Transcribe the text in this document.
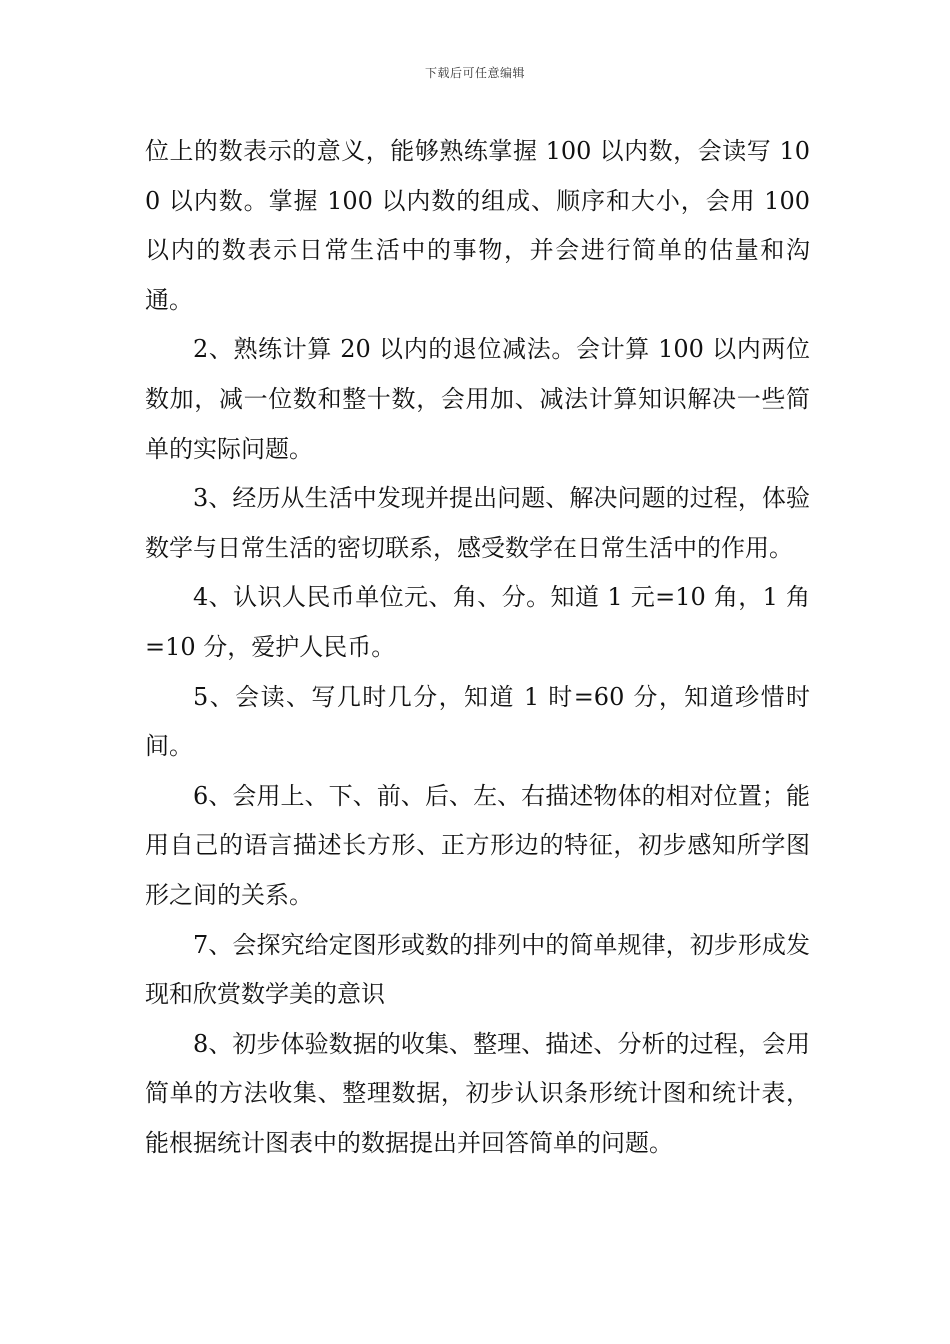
下载后可任意编辑

位上的数表示的意义，能够熟练掌握 100 以内数，会读写 100 以内数。掌握 100 以内数的组成、顺序和大小，会用 100 以内的数表示日常生活中的事物，并会进行简单的估量和沟通。

2、熟练计算 20 以内的退位减法。会计算 100 以内两位数加，减一位数和整十数，会用加、减法计算知识解决一些简单的实际问题。

3、经历从生活中发现并提出问题、解决问题的过程，体验数学与日常生活的密切联系，感受数学在日常生活中的作用。

4、认识人民币单位元、角、分。知道 1 元=10 角，1 角=10 分，爱护人民币。

5、会读、写几时几分，知道 1 时=60 分，知道珍惜时间。

6、会用上、下、前、后、左、右描述物体的相对位置；能用自己的语言描述长方形、正方形边的特征，初步感知所学图形之间的关系。

7、会探究给定图形或数的排列中的简单规律，初步形成发现和欣赏数学美的意识

8、初步体验数据的收集、整理、描述、分析的过程，会用简单的方法收集、整理数据，初步认识条形统计图和统计表，能根据统计图表中的数据提出并回答简单的问题。
